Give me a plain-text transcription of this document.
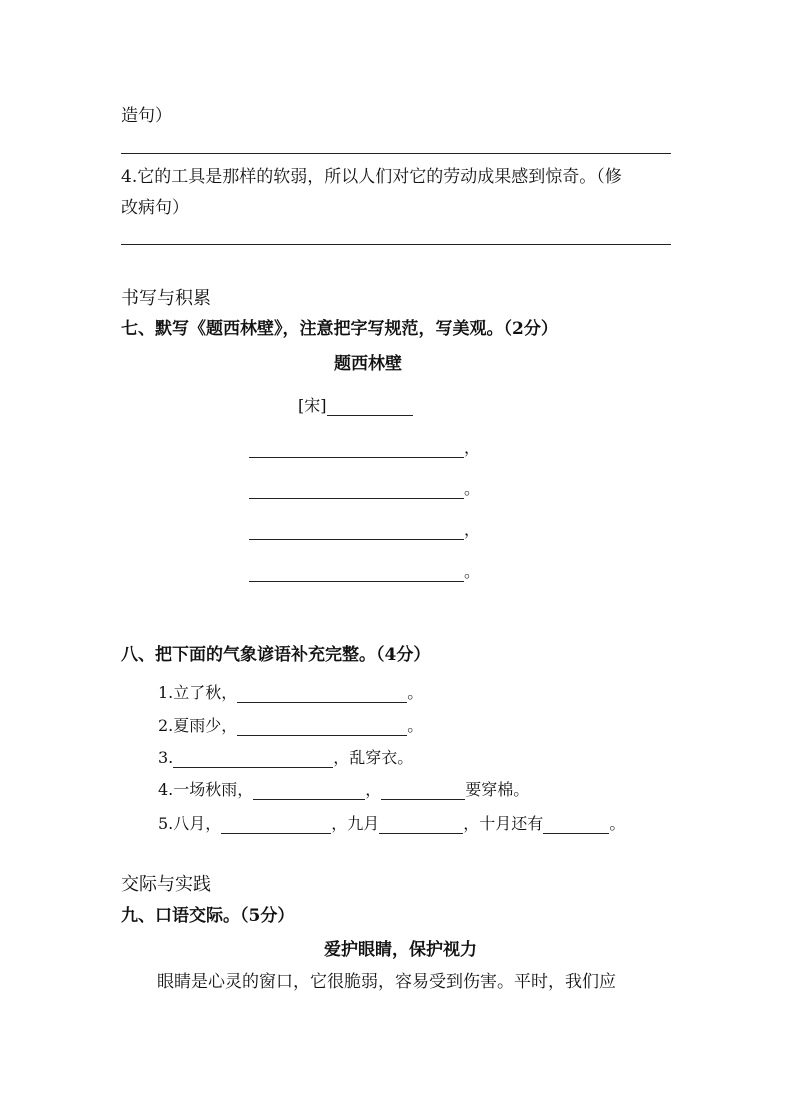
造句）
4.它的工具是那样的软弱，所以人们对它的劳动成果感到惊奇。（修
改病句）
书写与积累
七、默写《题西林壁》，注意把字写规范，写美观。（2分）
题西林壁
[宋]
，
。
，
。
八、把下面的气象谚语补充完整。（4分）
1. 立了秋，	。
2. 夏雨少，	。
3.	，乱穿衣。
4. 一场秋雨，	，	要穿棉。
5. 八月，	，九月	，十月还有	。
交际与实践
九、口语交际。（5分）
爱护眼睛，保护视力
眼睛是心灵的窗口，它很脆弱，容易受到伤害。平时，我们应
